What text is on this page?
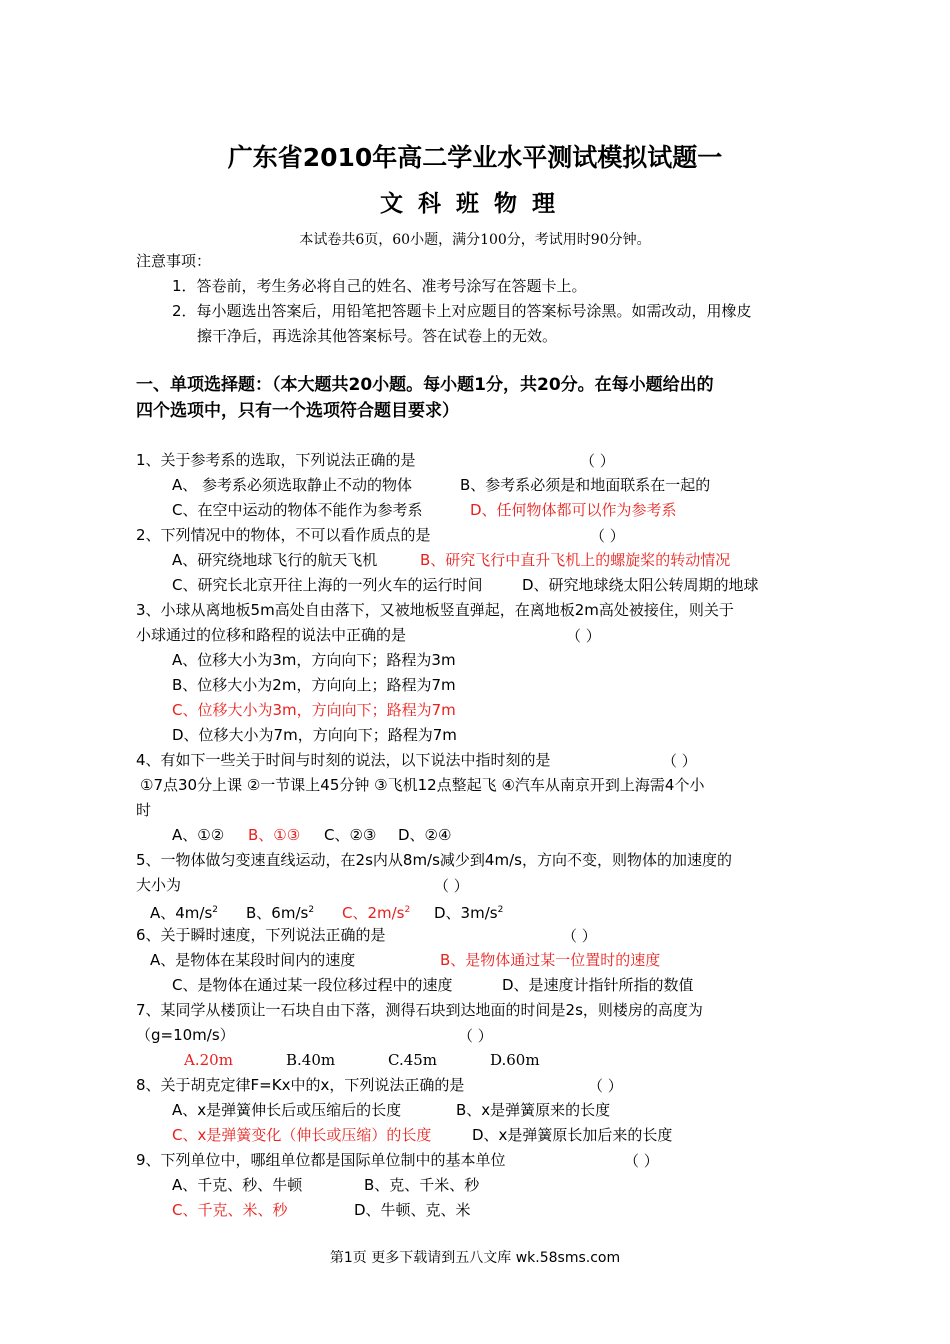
广东省2010年高二学业水平测试模拟试题一
文科班物理
本试卷共6页，60小题，满分100分，考试用时90分钟。
注意事项：
1．答卷前，考生务必将自己的姓名、准考号涂写在答题卡上。
2．每小题选出答案后，用铅笔把答题卡上对应题目的答案标号涂黑。如需改动，用橡皮
擦干净后，再选涂其他答案标号。答在试卷上的无效。
一、单项选择题：（本大题共20小题。每小题1分，共20分。在每小题给出的
四个选项中，只有一个选项符合题目要求）
1、关于参考系的选取，下列说法正确的是	（ ）
A、 参考系必须选取静止不动的物体	B、参考系必须是和地面联系在一起的
C、在空中运动的物体不能作为参考系	D、任何物体都可以作为参考系
2、下列情况中的物体，不可以看作质点的是	（ ）
A、研究绕地球飞行的航天飞机	B、研究飞行中直升飞机上的螺旋桨的转动情况
C、研究长北京开往上海的一列火车的运行时间	D、研究地球绕太阳公转周期的地球
3、小球从离地板5m高处自由落下，又被地板竖直弹起，在离地板2m高处被接住，则关于
小球通过的位移和路程的说法中正确的是	（ ）
A、位移大小为3m，方向向下；路程为3m
B、位移大小为2m，方向向上；路程为7m
C、位移大小为3m，方向向下；路程为7m
D、位移大小为7m，方向向下；路程为7m
4、有如下一些关于时间与时刻的说法，以下说法中指时刻的是	（ ）
①7点30分上课 ②一节课上45分钟 ③飞机12点整起飞 ④汽车从南京开到上海需4个小
时
A、①② B、①③ C、②③ D、②④
5、一物体做匀变速直线运动，在2s内从8m/s减少到4m/s，方向不变，则物体的加速度的
大小为	（ ）
A、$4m/s^2$ B、$6m/s^2$ C、$2m/s^2$ D、$3m/s^2$
6、关于瞬时速度，下列说法正确的是	（ ）
A、是物体在某段时间内的速度	B、是物体通过某一位置时的速度
C、是物体在通过某一段位移过程中的速度	D、是速度计指针所指的数值
7、某同学从楼顶让一石块自由下落，测得石块到达地面的时间是2s，则楼房的高度为
（g=10m/s）	（ ）
A.20m	B.40m	C.45m	D.60m
8、关于胡克定律F=Kx中的x，下列说法正确的是	（ ）
A、x是弹簧伸长后或压缩后的长度	B、x是弹簧原来的长度
C、x是弹簧变化（伸长或压缩）的长度	D、x是弹簧原长加后来的长度
9、下列单位中，哪组单位都是国际单位制中的基本单位	（ ）
A、千克、秒、牛顿	B、克、千米、秒
C、千克、米、秒	D、牛顿、克、米
第1页 更多下载请到五八文库 wk.58sms.com
